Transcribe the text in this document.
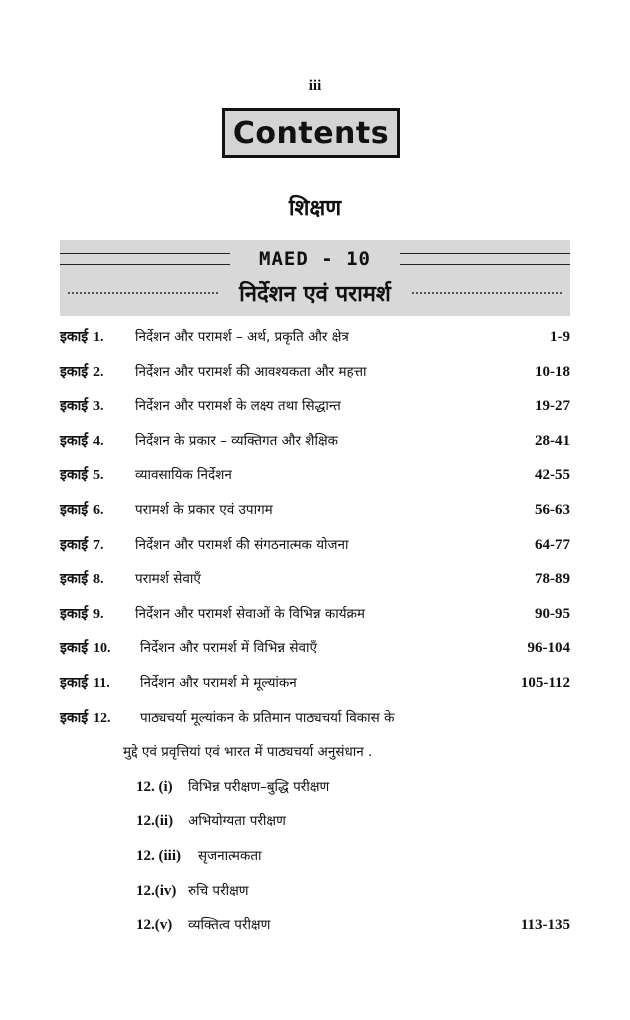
iii
Contents
शिक्षण
MAED - 10
निर्देशन एवं परामर्श
इकाई 1. निर्देशन और परामर्श – अर्थ, प्रकृति और क्षेत्र	1-9
इकाई 2. निर्देशन और परामर्श की आवश्यकता और महत्ता	10-18
इकाई 3. निर्देशन और परामर्श के लक्ष्य तथा सिद्धान्त	19-27
इकाई 4. निर्देशन के प्रकार – व्यक्तिगत और शैक्षिक	28-41
इकाई 5. व्यावसायिक निर्देशन	42-55
इकाई 6. परामर्श के प्रकार एवं उपागम	56-63
इकाई 7. निर्देशन और परामर्श की संगठनात्मक योजना	64-77
इकाई 8. परामर्श सेवाएँ	78-89
इकाई 9. निर्देशन और परामर्श सेवाओं के विभिन्न कार्यक्रम	90-95
इकाई 10. निर्देशन और परामर्श में विभिन्न सेवाएँ	96-104
इकाई 11. निर्देशन और परामर्श मे मूल्यांकन	105-112
इकाई 12. पाठ्यचर्या मूल्यांकन के प्रतिमान पाठ्यचर्या विकास के
मुद्दे एवं प्रवृत्तियां एवं भारत में पाठ्यचर्या अनुसंधान .
12. (i) विभिन्न परीक्षण–बुद्धि परीक्षण
12.(ii) अभियोग्यता परीक्षण
12. (iii) सृजनात्मकता
12.(iv) रुचि परीक्षण
12.(v) व्यक्तित्व परीक्षण	113-135
